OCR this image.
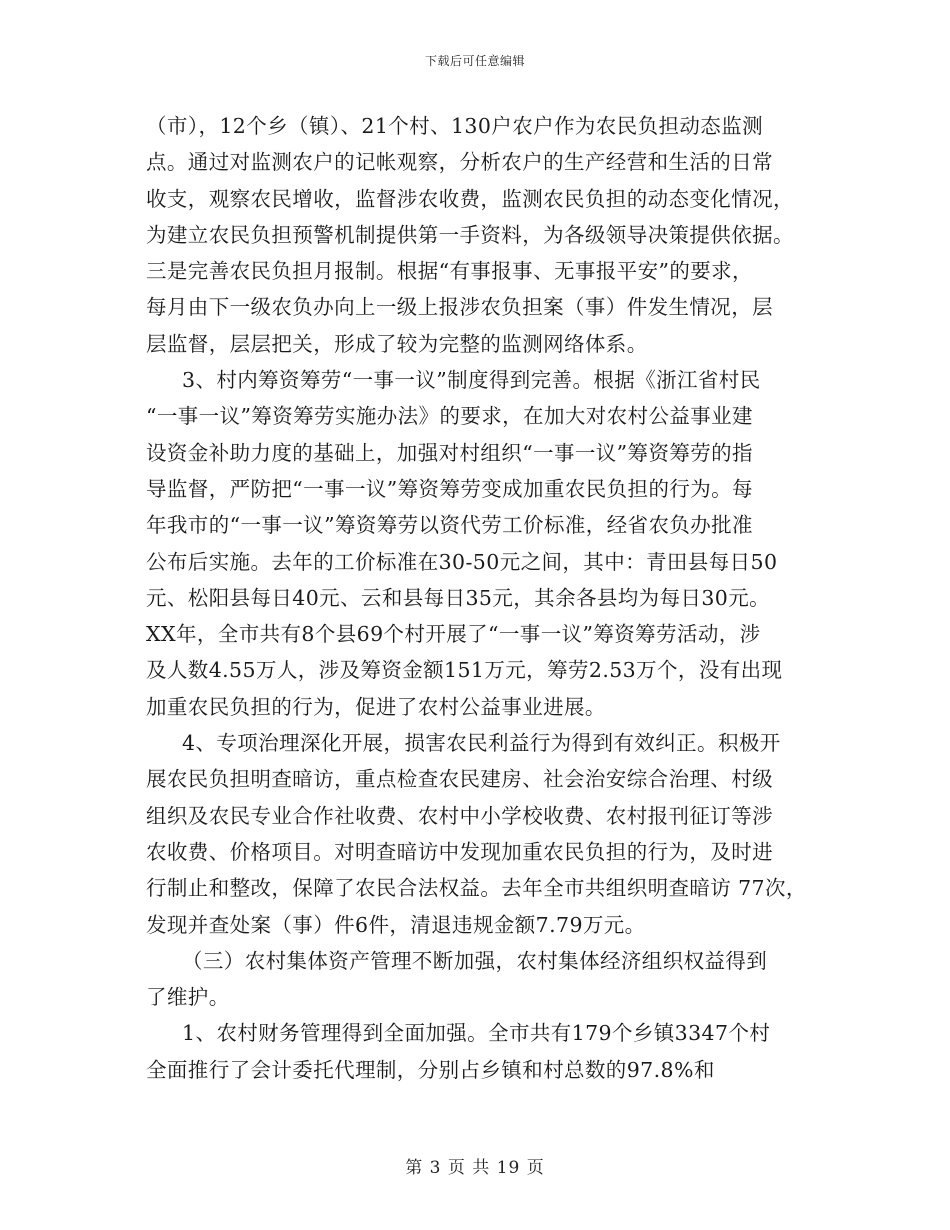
下载后可任意编辑
（市），12个乡（镇）、21个村、130户农户作为农民负担动态监测
点。通过对监测农户的记帐观察，分析农户的生产经营和生活的日常
收支，观察农民增收，监督涉农收费，监测农民负担的动态变化情况，
为建立农民负担预警机制提供第一手资料，为各级领导决策提供依据。
三是完善农民负担月报制。根据“有事报事、无事报平安”的要求，
每月由下一级农负办向上一级上报涉农负担案（事）件发生情况，层
层监督，层层把关，形成了较为完整的监测网络体系。
3、村内筹资筹劳“一事一议”制度得到完善。根据《浙江省村民
“一事一议”筹资筹劳实施办法》的要求，在加大对农村公益事业建
设资金补助力度的基础上，加强对村组织“一事一议”筹资筹劳的指
导监督，严防把“一事一议”筹资筹劳变成加重农民负担的行为。每
年我市的“一事一议”筹资筹劳以资代劳工价标准，经省农负办批准
公布后实施。去年的工价标准在30-50元之间，其中：青田县每日50
元、松阳县每日40元、云和县每日35元，其余各县均为每日30元。
XX年，全市共有8个县69个村开展了“一事一议”筹资筹劳活动，涉
及人数4.55万人，涉及筹资金额151万元，筹劳2.53万个，没有出现
加重农民负担的行为，促进了农村公益事业进展。
4、专项治理深化开展，损害农民利益行为得到有效纠正。积极开
展农民负担明查暗访，重点检查农民建房、社会治安综合治理、村级
组织及农民专业合作社收费、农村中小学校收费、农村报刊征订等涉
农收费、价格项目。对明查暗访中发现加重农民负担的行为，及时进
行制止和整改，保障了农民合法权益。去年全市共组织明查暗访 77次，
发现并查处案（事）件6件，清退违规金额7.79万元。
（三）农村集体资产管理不断加强，农村集体经济组织权益得到
了维护。
1、农村财务管理得到全面加强。全市共有179个乡镇3347个村
全面推行了会计委托代理制，分别占乡镇和村总数的97.8%和
第 3 页 共 19 页
